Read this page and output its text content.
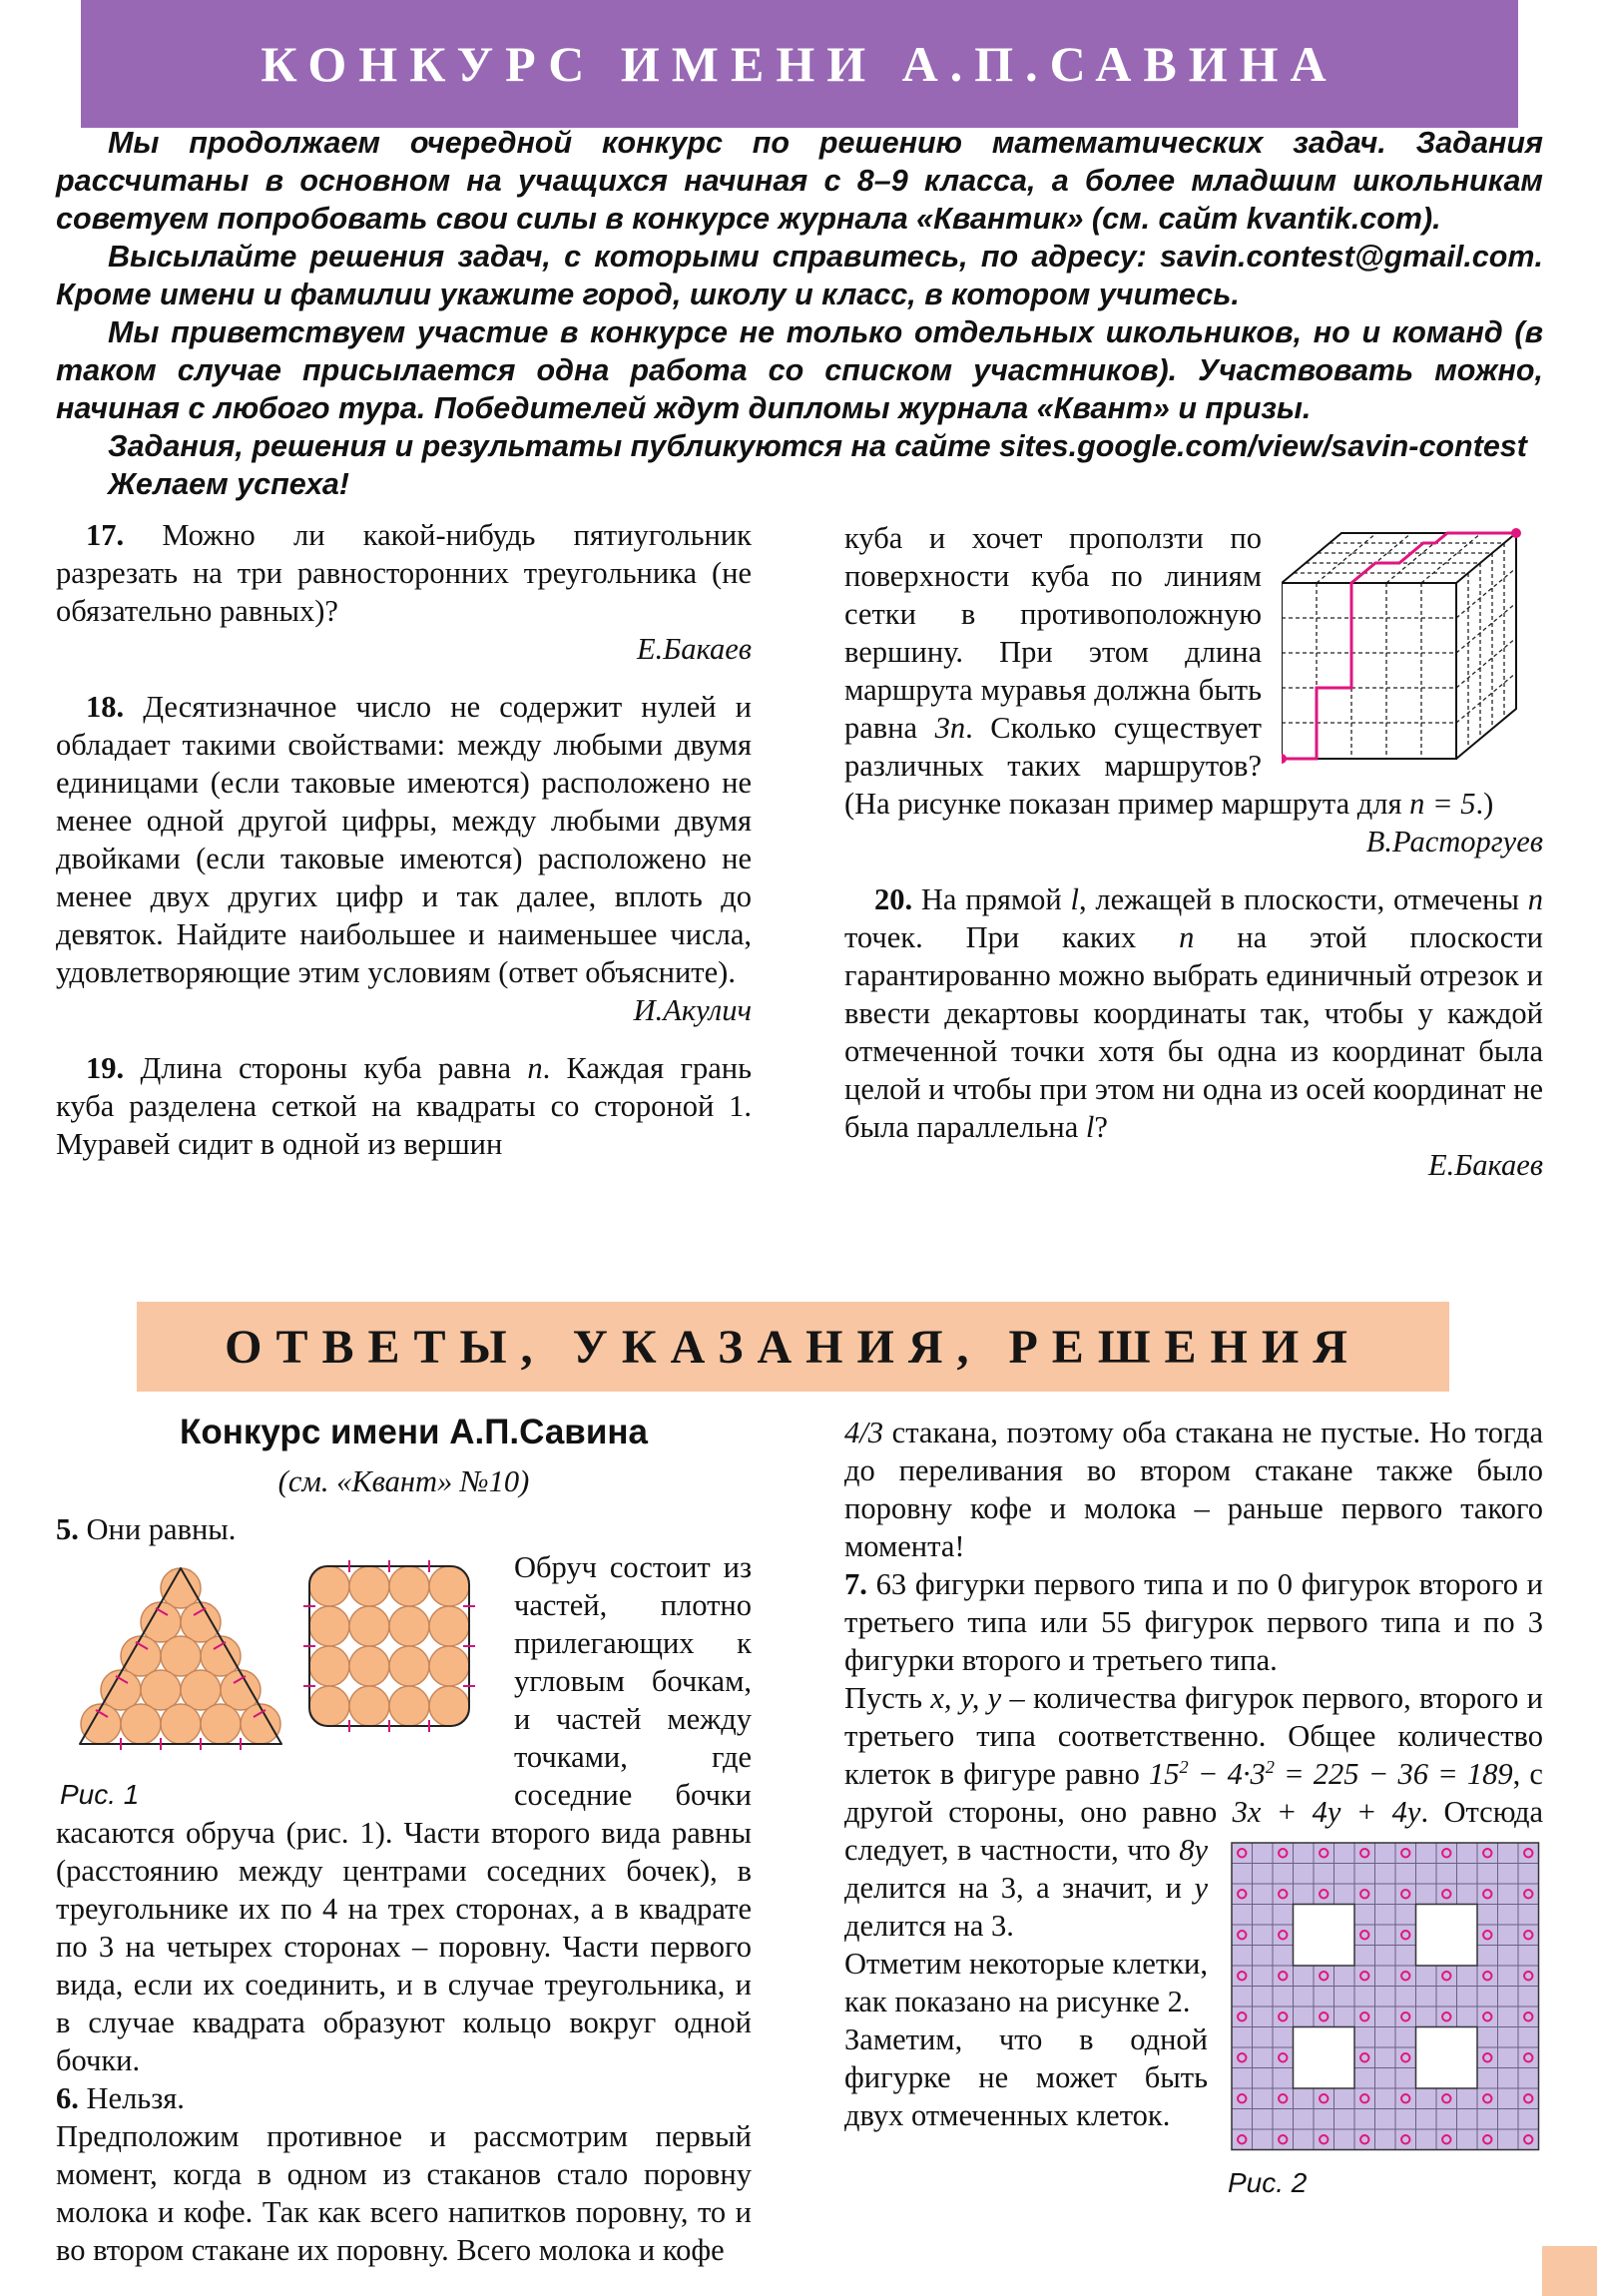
КОНКУРС ИМЕНИ А.П.САВИНА

Мы продолжаем очередной конкурс по решению математических задач. Задания рассчитаны в основном на учащихся начиная с 8–9 класса, а более младшим школьникам советуем попробовать свои силы в конкурсе журнала «Квантик» (см. сайт kvantik.com).

Высылайте решения задач, с которыми справитесь, по адресу: savin.contest@gmail.com. Кроме имени и фамилии укажите город, школу и класс, в котором учитесь.

Мы приветствуем участие в конкурсе не только отдельных школьников, но и команд (в таком случае присылается одна работа со списком участников). Участвовать можно, начиная с любого тура. Победителей ждут дипломы журнала «Квант» и призы.

Задания, решения и результаты публикуются на сайте sites.google.com/view/savin-contest

Желаем успеха!

17. Можно ли какой-нибудь пятиугольник разрезать на три равносторонних треугольника (не обязательно равных)?

Е.Бакаев

18. Десятизначное число не содержит нулей и обладает такими свойствами: между любыми двумя единицами (если таковые имеются) расположено не менее одной другой цифры, между любыми двумя двойками (если таковые имеются) расположено не менее двух других цифр и так далее, вплоть до девяток. Найдите наибольшее и наименьшее числа, удовлетворяющие этим условиям (ответ объясните).

И.Акулич

19. Длина стороны куба равна n. Каждая грань куба разделена сеткой на квадраты со стороной 1. Муравей сидит в одной из вершин

куба и хочет проползти по поверхности куба по линиям сетки в противоположную вершину. При этом длина маршрута муравья должна быть равна 3n. Сколько существует различных таких маршрутов? (На рисунке показан пример маршрута для n = 5.)

В.Расторгуев

20. На прямой l, лежащей в плоскости, отмечены n точек. При каких n на этой плоскости гарантированно можно выбрать единичный отрезок и ввести декартовы координаты так, чтобы у каждой отмеченной точки хотя бы одна из координат была целой и чтобы при этом ни одна из осей координат не была параллельна l?

Е.Бакаев

ОТВЕТЫ, УКАЗАНИЯ, РЕШЕНИЯ
Конкурс имени А.П.Савина

(см. «Квант» №10)

5. Они равны.

Рис. 1
Обруч состоит из частей, плотно прилегающих к угловым бочкам, и частей между точками, где соседние бочки касаются обруча (рис. 1). Части второго вида равны (расстоянию между центрами соседних бочек), в треугольнике их по 4 на трех сторонах, а в квадрате по 3 на четырех сторонах – поровну. Части первого вида, если их соединить, и в случае треугольника, и в случае квадрата образуют кольцо вокруг одной бочки.

6. Нельзя.

Предположим противное и рассмотрим первый момент, когда в одном из стаканов стало поровну молока и кофе. Так как всего напитков поровну, то и во втором стакане их поровну. Всего молока и кофе

4/3 стакана, поэтому оба стакана не пустые. Но тогда до переливания во втором стакане также было поровну кофе и молока – раньше первого такого момента!

7. 63 фигурки первого типа и по 0 фигурок второго и третьего типа или 55 фигурок первого типа и по 3 фигурки второго и третьего типа.

Пусть x, y, y – количества фигурок первого, второго и третьего типа соответственно. Общее количество клеток в фигуре равно $15^2 - 4\cdot 3^2 = 225 - 36 = 189$, с другой стороны, оно равно 3x + 4y + 4y. Отсюда следует, в частности, что
Рис. 2
8y делится на 3, а значит, и y делится на 3.

Отметим некоторые клетки, как показано на рисунке 2.

Заметим, что в одной фигурке не может быть двух отмеченных клеток.
